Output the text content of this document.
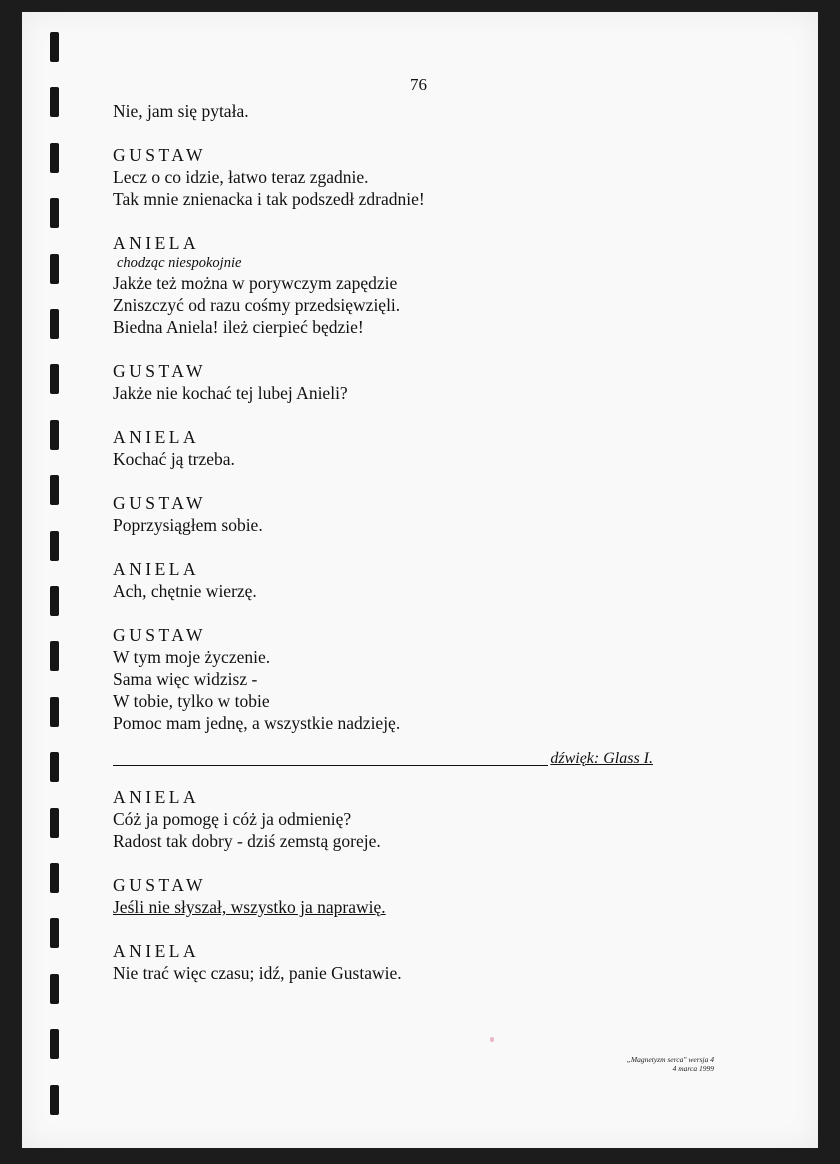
76
Nie, jam się pytała.
GUSTAW
Lecz o co idzie, łatwo teraz zgadnie.
Tak mnie znienacka i tak podszedł zdradnie!
ANIELA
chodząc niespokojnie
Jakże też można w porywczym zapędzie
Zniszczyć od razu cośmy przedsięwzięli.
Biedna Aniela! ileż cierpieć będzie!
GUSTAW
Jakże nie kochać tej lubej Anieli?
ANIELA
Kochać ją trzeba.
GUSTAW
Poprzysiągłem sobie.
ANIELA
Ach, chętnie wierzę.
GUSTAW
W tym moje życzenie.
Sama więc widzisz -
W tobie, tylko w tobie
Pomoc mam jednę, a wszystkie nadzieję.
dźwięk: Glass I.
ANIELA
Cóż ja pomogę i cóż ja odmienię?
Radost tak dobry - dziś zemstą goreje.
GUSTAW
Jeśli nie słyszał, wszystko ja naprawię.
ANIELA
Nie trać więc czasu; idź, panie Gustawie.
„Magnetyzm serca" wersja 4
4 marca 1999
